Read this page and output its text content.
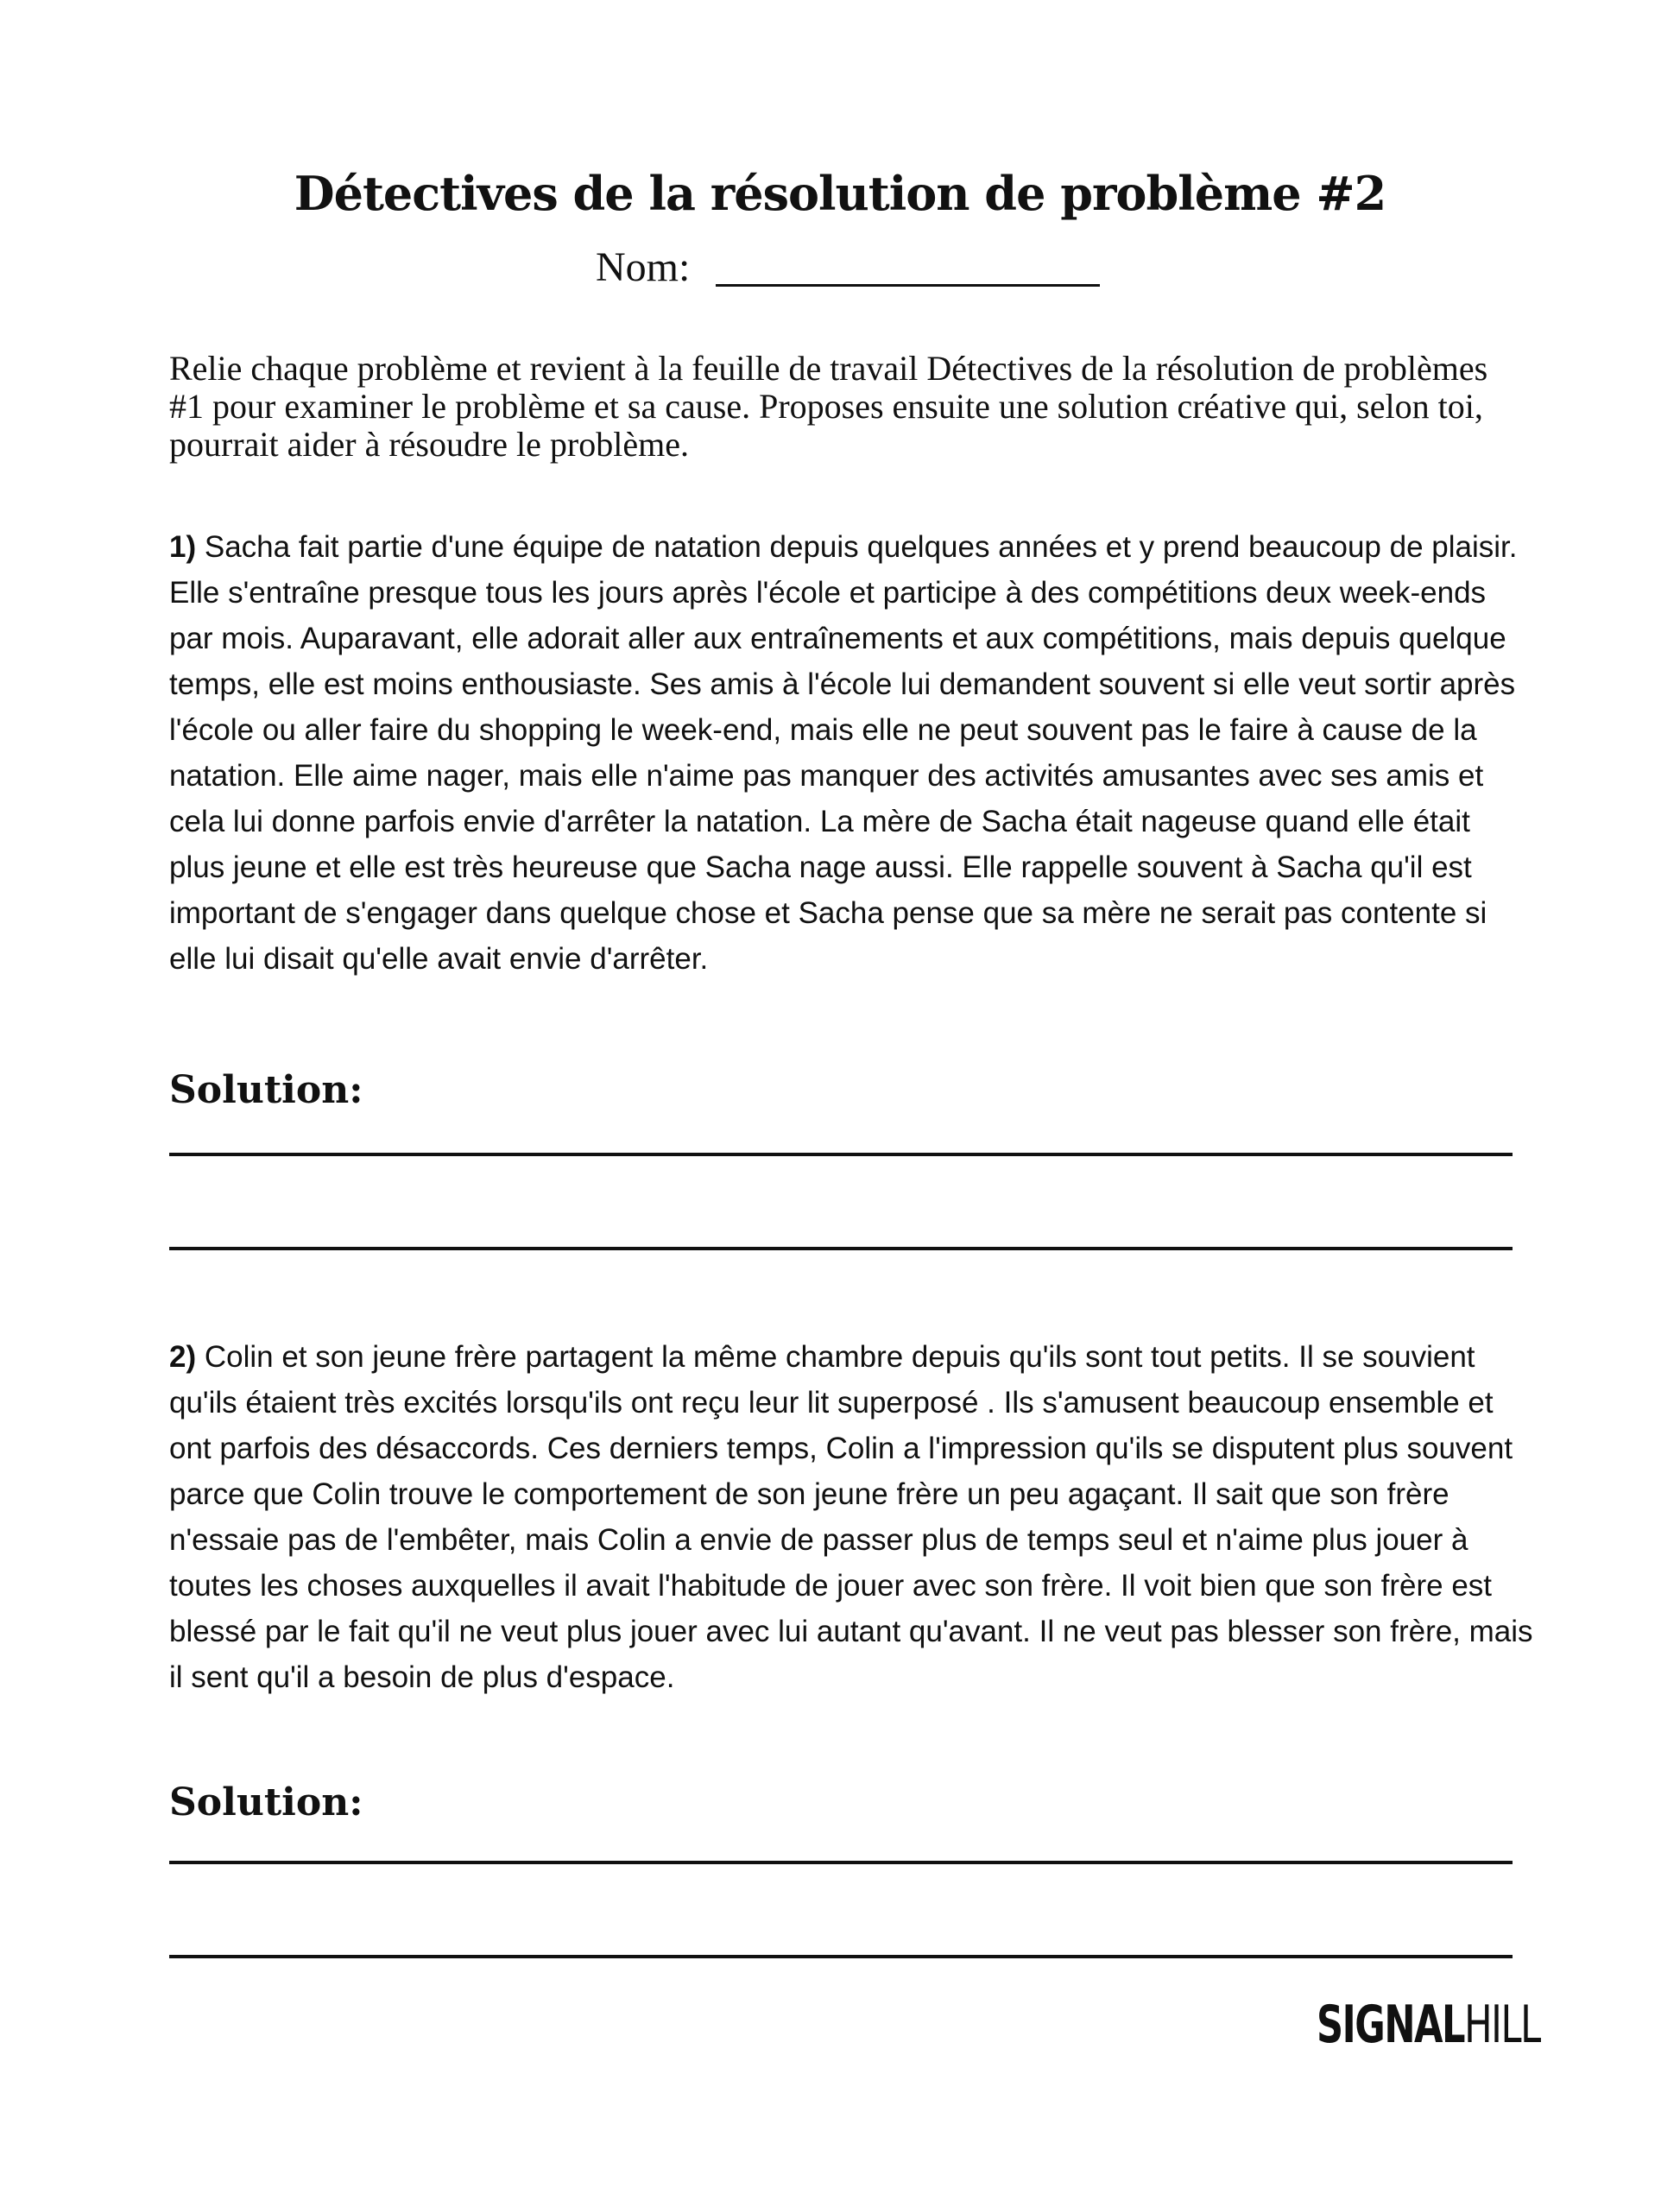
Détectives de la résolution de problème #2
Nom:

Relie chaque problème et revient à la feuille de travail Détectives de la résolution de problèmes #1 pour examiner le problème et sa cause. Proposes ensuite une solution créative qui, selon toi, pourrait aider à résoudre le problème.

1) Sacha fait partie d'une équipe de natation depuis quelques années et y prend beaucoup de plaisir. Elle s'entraîne presque tous les jours après l'école et participe à des compétitions deux week-ends par mois. Auparavant, elle adorait aller aux entraînements et aux compétitions, mais depuis quelque temps, elle est moins enthousiaste. Ses amis à l'école lui demandent souvent si elle veut sortir après l'école ou aller faire du shopping le week-end, mais elle ne peut souvent pas le faire à cause de la natation. Elle aime nager, mais elle n'aime pas manquer des activités amusantes avec ses amis et cela lui donne parfois envie d'arrêter la natation. La mère de Sacha était nageuse quand elle était plus jeune et elle est très heureuse que Sacha nage aussi. Elle rappelle souvent à Sacha qu'il est important de s'engager dans quelque chose et Sacha pense que sa mère ne serait pas contente si elle lui disait qu'elle avait envie d'arrêter.

Solution:

2) Colin et son jeune frère partagent la même chambre depuis qu'ils sont tout petits. Il se souvient qu'ils étaient très excités lorsqu'ils ont reçu leur lit superposé . Ils s'amusent beaucoup ensemble et ont parfois des désaccords. Ces derniers temps, Colin a l'impression qu'ils se disputent plus souvent parce que Colin trouve le comportement de son jeune frère un peu agaçant. Il sait que son frère n'essaie pas de l'embêter, mais Colin a envie de passer plus de temps seul et n'aime plus jouer à toutes les choses auxquelles il avait l'habitude de jouer avec son frère. Il voit bien que son frère est blessé par le fait qu'il ne veut plus jouer avec lui autant qu'avant. Il ne veut pas blesser son frère, mais il sent qu'il a besoin de plus d'espace.

Solution:
SIGNALHILL
